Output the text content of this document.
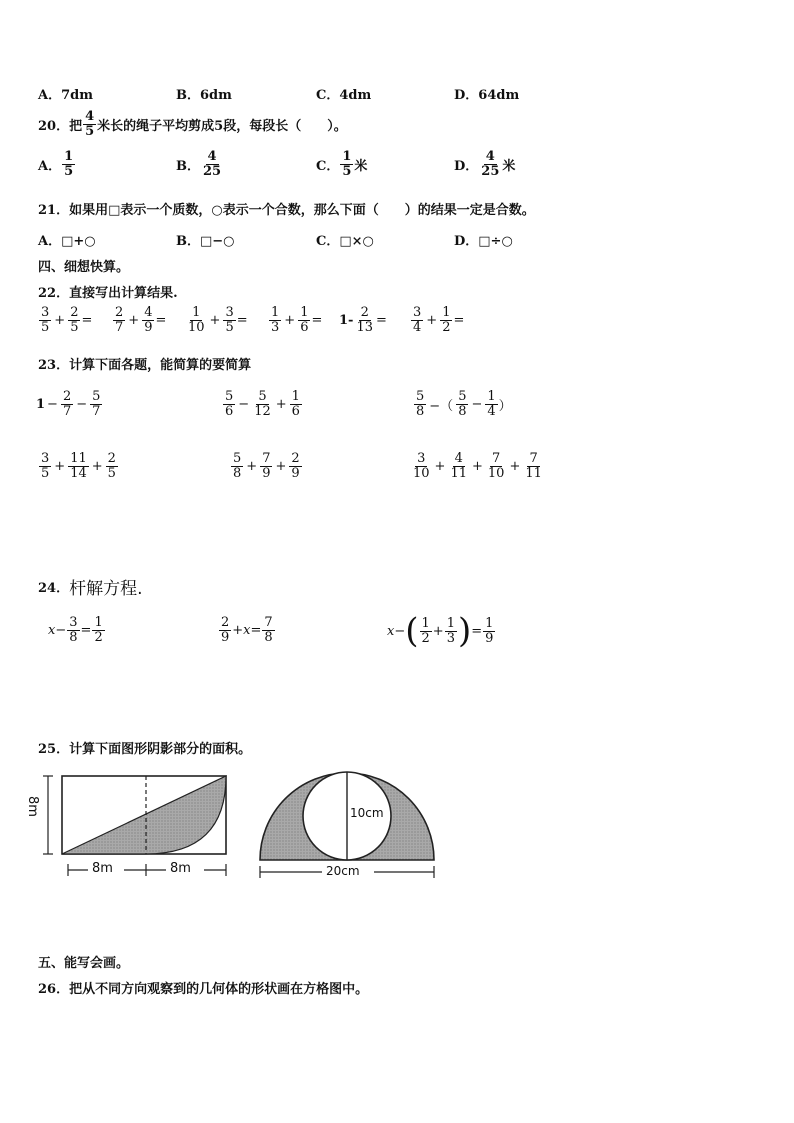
A．7dm	B．6dm	C．4dm	D．64dm
20． 把 $\frac{4}{5}$ 米长的绳子平均剪成5段，每段长（　　）。
A． $\frac{1}{5}$	B． $\frac{4}{25}$	C． $\frac{1}{5}$ 米	D． $\frac{4}{25}$ 米
21．如果用□表示一个质数，○表示一个合数，那么下面（　　）的结果一定是合数。
A．□+○	B．□−○	C．□×○	D．□÷○
四、细想快算。
22．直接写出计算结果.
$\frac{3}{5} + \frac{2}{5} = \frac{2}{7} + \frac{4}{9} = \frac{1}{10} + \frac{3}{5} = \frac{1}{3} + \frac{1}{6} = 1- \frac{2}{13} = \frac{3}{4} + \frac{1}{2}$ =
23．计算下面各题，能简算的要简算
$1 - \frac{2}{7} - \frac{5}{7}$	$\frac{5}{6} - \frac{5}{12} + \frac{1}{6}$	$\frac{5}{8}$ −（ $\frac{5}{8} - \frac{1}{4}$ ）
$\frac{3}{5} + \frac{11}{14} + \frac{2}{5}$	$\frac{5}{8} + \frac{7}{9} + \frac{2}{9}$	$\frac{3}{10} + \frac{4}{11} + \frac{7}{10} + \frac{7}{11}$
24． 杆解方程.
$x - \frac{3}{8} = \frac{1}{2}$	$\frac{2}{9} +x = \frac{7}{8}$	x − ( $\frac{1}{2} + \frac{1}{3}$ ) = $\frac{1}{9}$
25．计算下面图形阴影部分的面积。
8m
8m	8m
10cm
20cm
五、能写会画。
26．把从不同方向观察到的几何体的形状画在方格图中。
